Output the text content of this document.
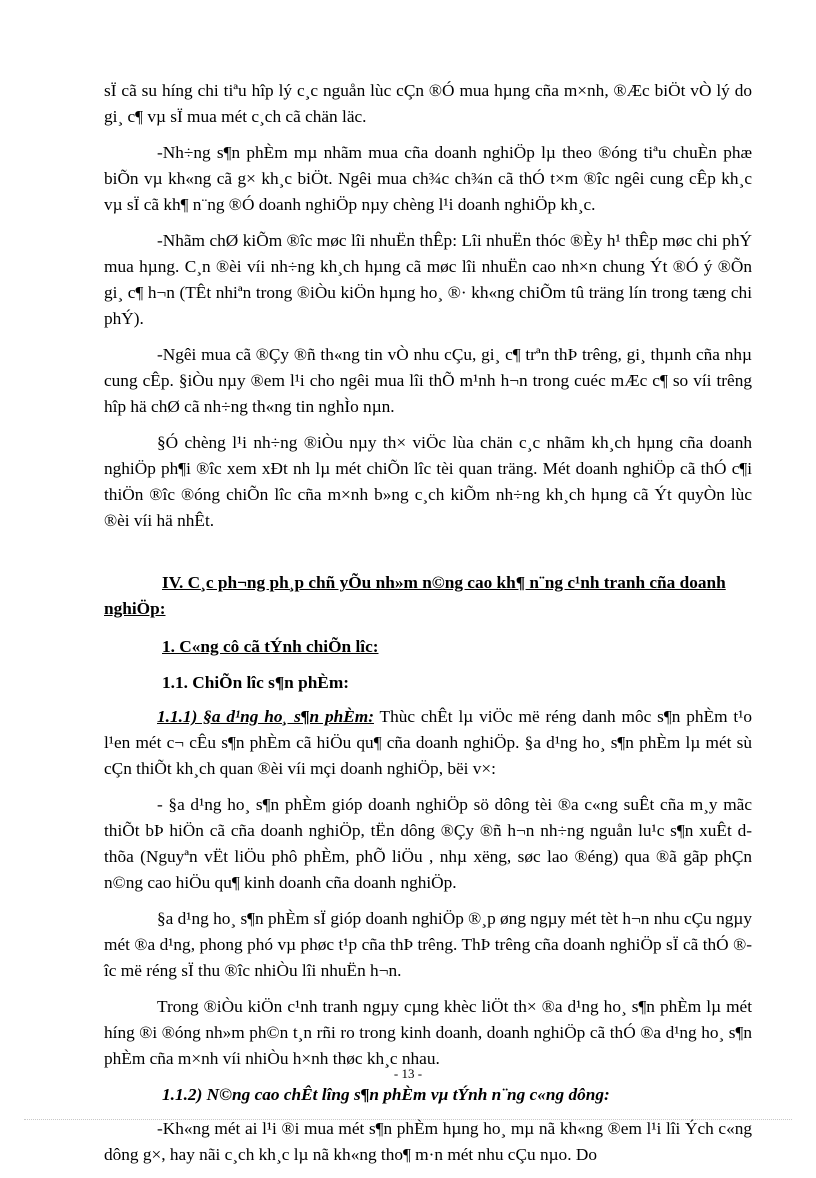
sÏ cã su híng chi tiªu hîp lý c¸c nguån lùc cÇn ®Ó mua hµng cña m×nh, ®Æc biÖt vÒ lý do gi¸ c¶ vµ sÏ mua mét c¸ch cã chän läc.

-Nh÷ng s¶n phÈm mµ nhãm mua cña doanh nghiÖp lµ theo ®óng tiªu chuÈn phæ biÕn vµ kh«ng cã g× kh¸c biÖt. Ngêi mua ch¾c ch¾n cã thÓ t×m ®îc ngêi cung cÊp kh¸c vµ sÏ cã kh¶ n¨ng ®Ó doanh nghiÖp nµy chèng l¹i doanh nghiÖp kh¸c.

-Nhãm chØ kiÕm ®îc møc lîi nhuËn thÊp: Lîi nhuËn thóc ®Èy h¹ thÊp møc chi phÝ mua hµng. C¸n ®èi víi nh÷ng kh¸ch hµng cã møc lîi nhuËn cao nh×n chung Ýt ®Ó ý ®Õn gi¸ c¶ h¬n (TÊt nhiªn trong ®iÒu kiÖn hµng ho¸ ®· kh«ng chiÕm tû träng lín trong tæng chi phÝ).

-Ngêi mua cã ®Çy ®ñ th«ng tin vÒ nhu cÇu, gi¸ c¶ trªn thÞ trêng, gi¸ thµnh cña nhµ cung cÊp. §iÒu nµy ®em l¹i cho ngêi mua lîi thÕ m¹nh h¬n trong cuéc mÆc c¶ so víi trêng hîp hä chØ cã nh÷ng th«ng tin nghÌo nµn.

§Ó chèng l¹i nh÷ng ®iÒu nµy th× viÖc lùa chän c¸c nhãm kh¸ch hµng cña doanh nghiÖp ph¶i ®îc xem xÐt nh lµ mét chiÕn lîc tèi quan träng. Mét doanh nghiÖp cã thÓ c¶i thiÖn ®îc ®óng chiÕn lîc cña m×nh b»ng c¸ch kiÕm nh÷ng kh¸ch hµng cã Ýt quyÒn lùc ®èi víi hä nhÊt.

IV. C¸c ph¬ng ph¸p chñ yÕu nh»m n©ng cao kh¶ n¨ng c¹nh tranh cña doanh nghiÖp:

1. C«ng cô cã tÝnh chiÕn lîc:

1.1. ChiÕn lîc s¶n phÈm:

1.1.1) §a d¹ng ho¸ s¶n phÈm: Thùc chÊt lµ viÖc më réng danh môc s¶n phÈm t¹o l¹en mét c¬ cÊu s¶n phÈm cã hiÖu qu¶ cña doanh nghiÖp. §a d¹ng ho¸ s¶n phÈm lµ mét sù cÇn thiÕt kh¸ch quan ®èi víi mçi doanh nghiÖp, bëi v×:

- §a d¹ng ho¸ s¶n phÈm gióp doanh nghiÖp sö dông tèi ®a c«ng suÊt cña m¸y mãc thiÕt bÞ hiÖn cã cña doanh nghiÖp, tËn dông ®Çy ®ñ h¬n nh÷ng nguån lu¹c s¶n xuÊt d thõa (Nguyªn vËt liÖu phô phÈm, phÕ liÖu , nhµ xëng, søc lao ®éng) qua ®ã gãp phÇn n©ng cao hiÖu qu¶ kinh doanh cña doanh nghiÖp.

§a d¹ng ho¸ s¶n phÈm sÏ gióp doanh nghiÖp ®¸p øng ngµy mét tèt h¬n nhu cÇu ngµy mét ®a d¹ng, phong phó vµ phøc t¹p cña thÞ trêng. ThÞ trêng cña doanh nghiÖp sÏ cã thÓ ®îc më réng sÏ thu ®îc nhiÒu lîi nhuËn h¬n.

Trong ®iÒu kiÖn c¹nh tranh ngµy cµng khèc liÖt th× ®a d¹ng ho¸ s¶n phÈm lµ mét híng ®i ®óng nh»m ph©n t¸n rñi ro trong kinh doanh, doanh nghiÖp cã thÓ ®a d¹ng ho¸ s¶n phÈm cña m×nh víi nhiÒu h×nh thøc kh¸c nhau.

1.1.2) N©ng cao chÊt lîng s¶n phÈm vµ tÝnh n¨ng c«ng dông:

-Kh«ng mét ai l¹i ®i mua mét s¶n phÈm hµng ho¸ mµ nã kh«ng ®em l¹i lîi Ých c«ng dông g×, hay nãi c¸ch kh¸c lµ nã kh«ng tho¶ m·n mét nhu cÇu nµo. Do

- 13 -
